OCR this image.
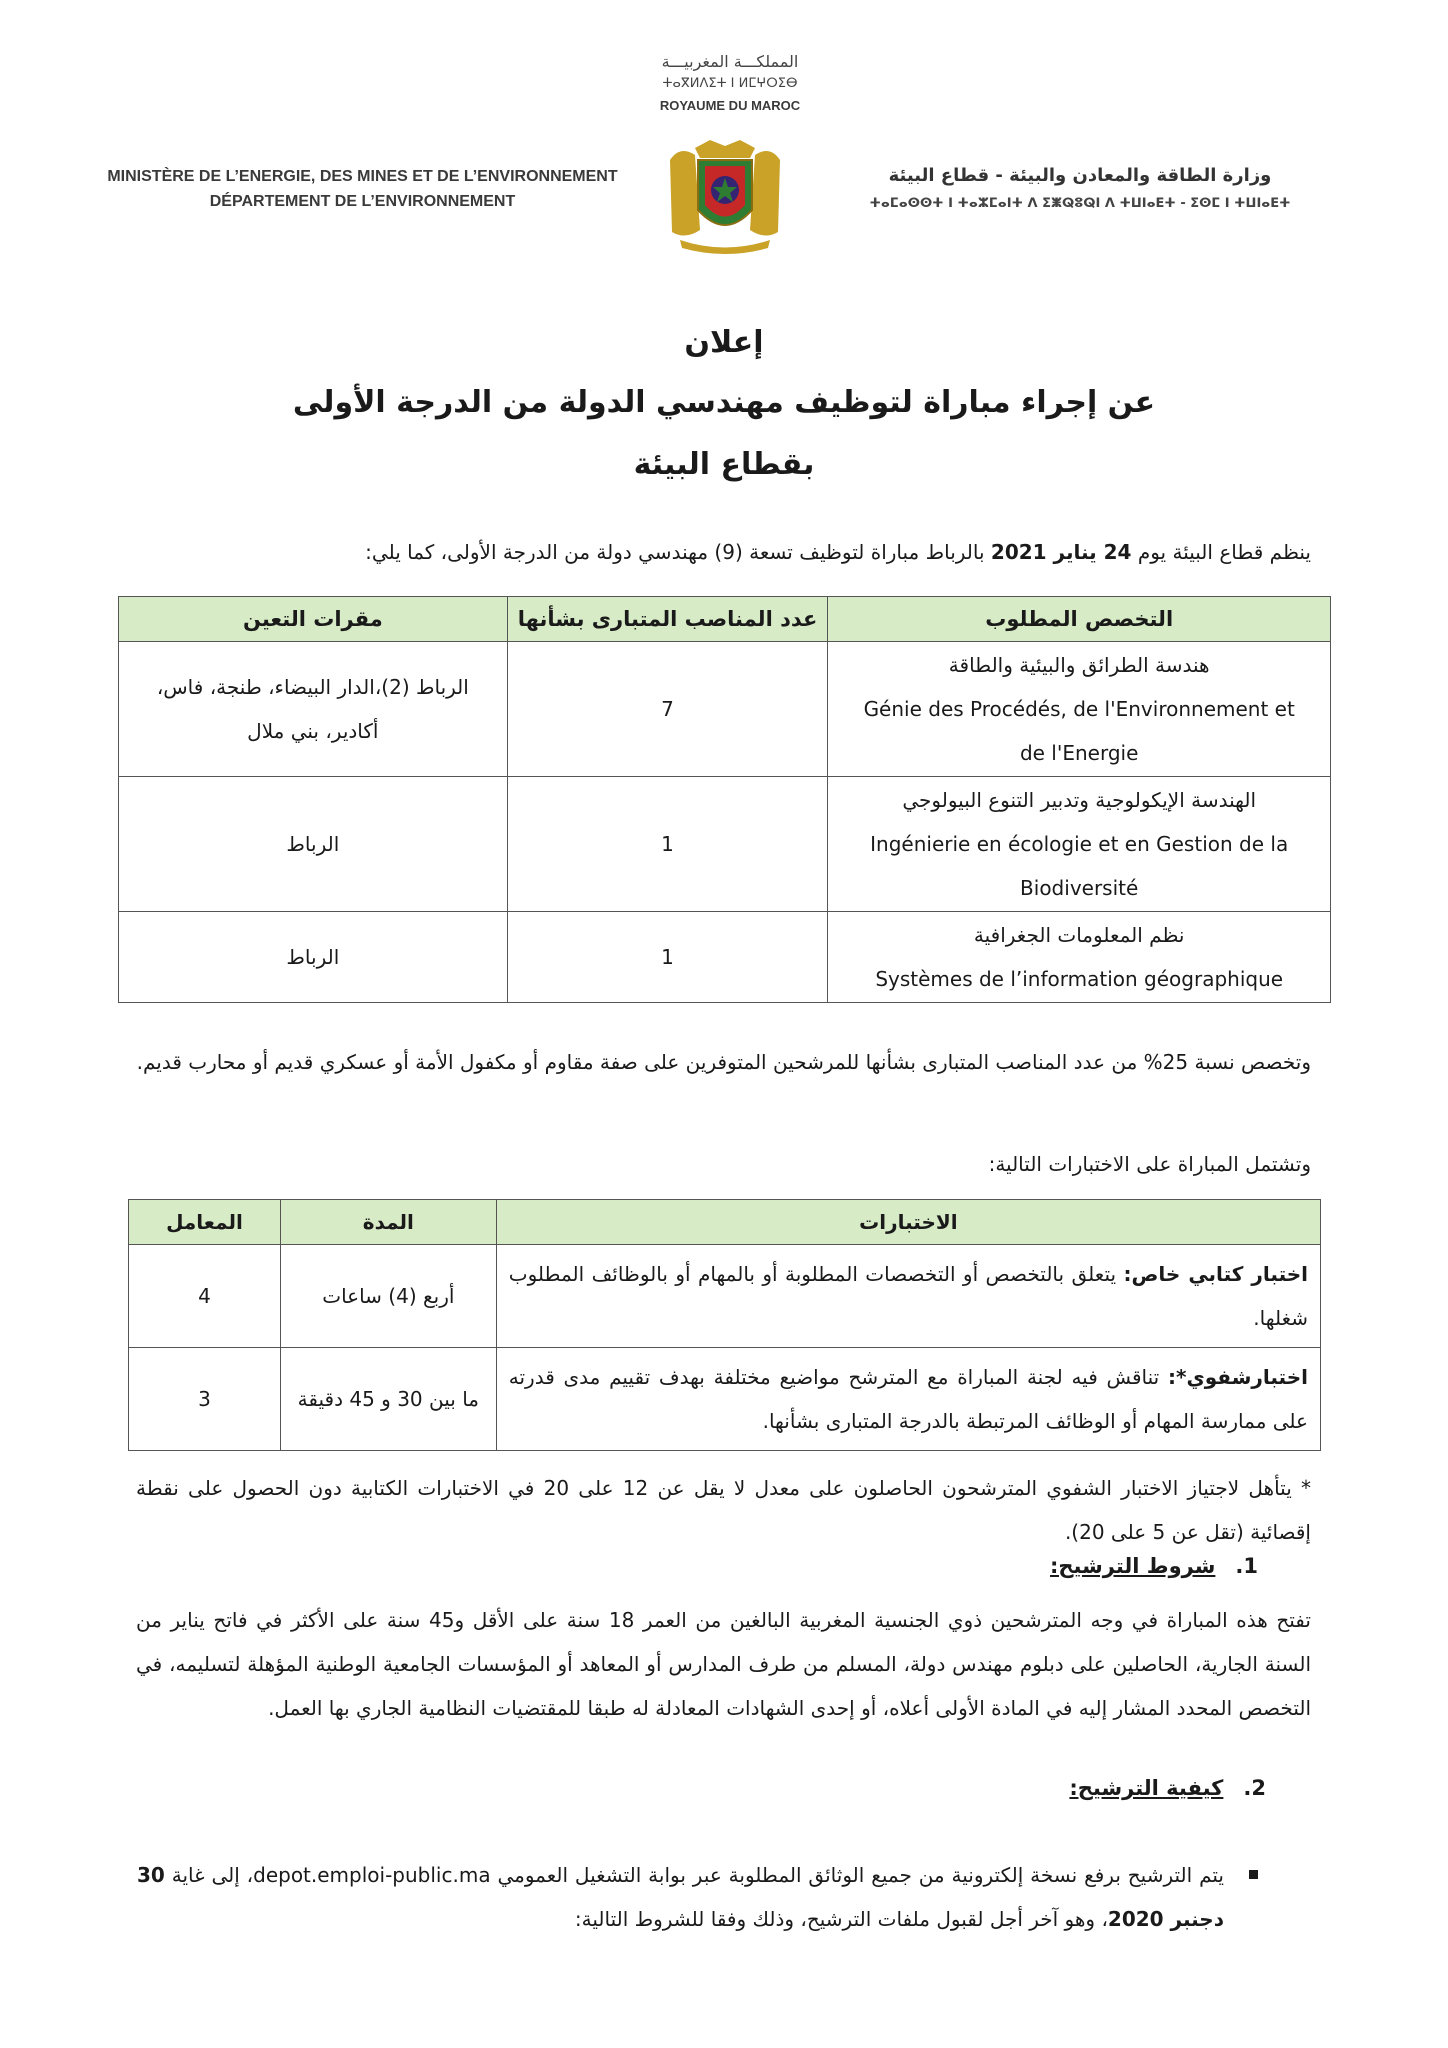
المملكـــة المغربيـــة
ⵜⴰⴳⵍⴷⵉⵜ ⵏ ⵍⵎⵖⵔⵉⴱ
ROYAUME DU MAROC
MINISTÈRE DE L’ENERGIE, DES MINES ET DE L’ENVIRONNEMENT
DÉPARTEMENT DE L’ENVIRONNEMENT
وزارة الطاقة والمعادن والبيئة - قطاع البيئة
ⵜⴰⵎⴰⵙⵙⵜ ⵏ ⵜⴰⵣⵎⴰⵏⵜ ⴷ ⵉⵥⵕⵓⵕⵏ ⴷ ⵜⵡⵏⴰⴹⵜ - ⵉⵙⵎ ⵏ ⵜⵡⵏⴰⴹⵜ
إعلان
عن إجراء مباراة لتوظيف مهندسي الدولة من الدرجة الأولى
بقطاع البيئة
ينظم قطاع البيئة يوم 24 يناير 2021 بالرباط مباراة لتوظيف تسعة (9) مهندسي دولة من الدرجة الأولى، كما يلي:
التخصص المطلوب	عدد المناصب المتبارى بشأنها	مقرات التعين

هندسة الطرائق والبيئية والطاقة
Génie des Procédés, de l'Environnement et de l'Energie	7	الرباط (2)،الدار البيضاء، طنجة، فاس، أكادير، بني ملال

الهندسة الإيكولوجية وتدبير التنوع البيولوجي
Ingénierie en écologie et en Gestion de la Biodiversité	1	الرباط

نظم المعلومات الجغرافية
Systèmes de l’information géographique	1	الرباط
وتخصص نسبة 25% من عدد المناصب المتبارى بشأنها للمرشحين المتوفرين على صفة مقاوم أو مكفول الأمة أو عسكري قديم أو محارب قديم.
وتشتمل المباراة على الاختبارات التالية:
الاختبارات	المدة	المعامل
اختبار كتابي خاص: يتعلق بالتخصص أو التخصصات المطلوبة أو بالمهام أو بالوظائف المطلوب شغلها.	أربع (4) ساعات	4
اختبارشفوي*: تناقش فيه لجنة المباراة مع المترشح مواضيع مختلفة بهدف تقييم مدى قدرته على ممارسة المهام أو الوظائف المرتبطة بالدرجة المتبارى بشأنها.	ما بين 30 و 45 دقيقة	3
* يتأهل لاجتياز الاختبار الشفوي المترشحون الحاصلون على معدل لا يقل عن 12 على 20 في الاختبارات الكتابية دون الحصول على نقطة إقصائية (تقل عن 5 على 20).
1.شروط الترشيح:
تفتح هذه المباراة في وجه المترشحين ذوي الجنسية المغربية البالغين من العمر 18 سنة على الأقل و45 سنة على الأكثر في فاتح يناير من السنة الجارية، الحاصلين على دبلوم مهندس دولة، المسلم من طرف المدارس أو المعاهد أو المؤسسات الجامعية الوطنية المؤهلة لتسليمه، في التخصص المحدد المشار إليه في المادة الأولى أعلاه، أو إحدى الشهادات المعادلة له طبقا للمقتضيات النظامية الجاري بها العمل.
2.كيفية الترشيح:
يتم الترشيح برفع نسخة إلكترونية من جميع الوثائق المطلوبة عبر بوابة التشغيل العمومي depot.emploi-public.ma، إلى غاية 30 دجنبر 2020، وهو آخر أجل لقبول ملفات الترشيح، وذلك وفقا للشروط التالية:
